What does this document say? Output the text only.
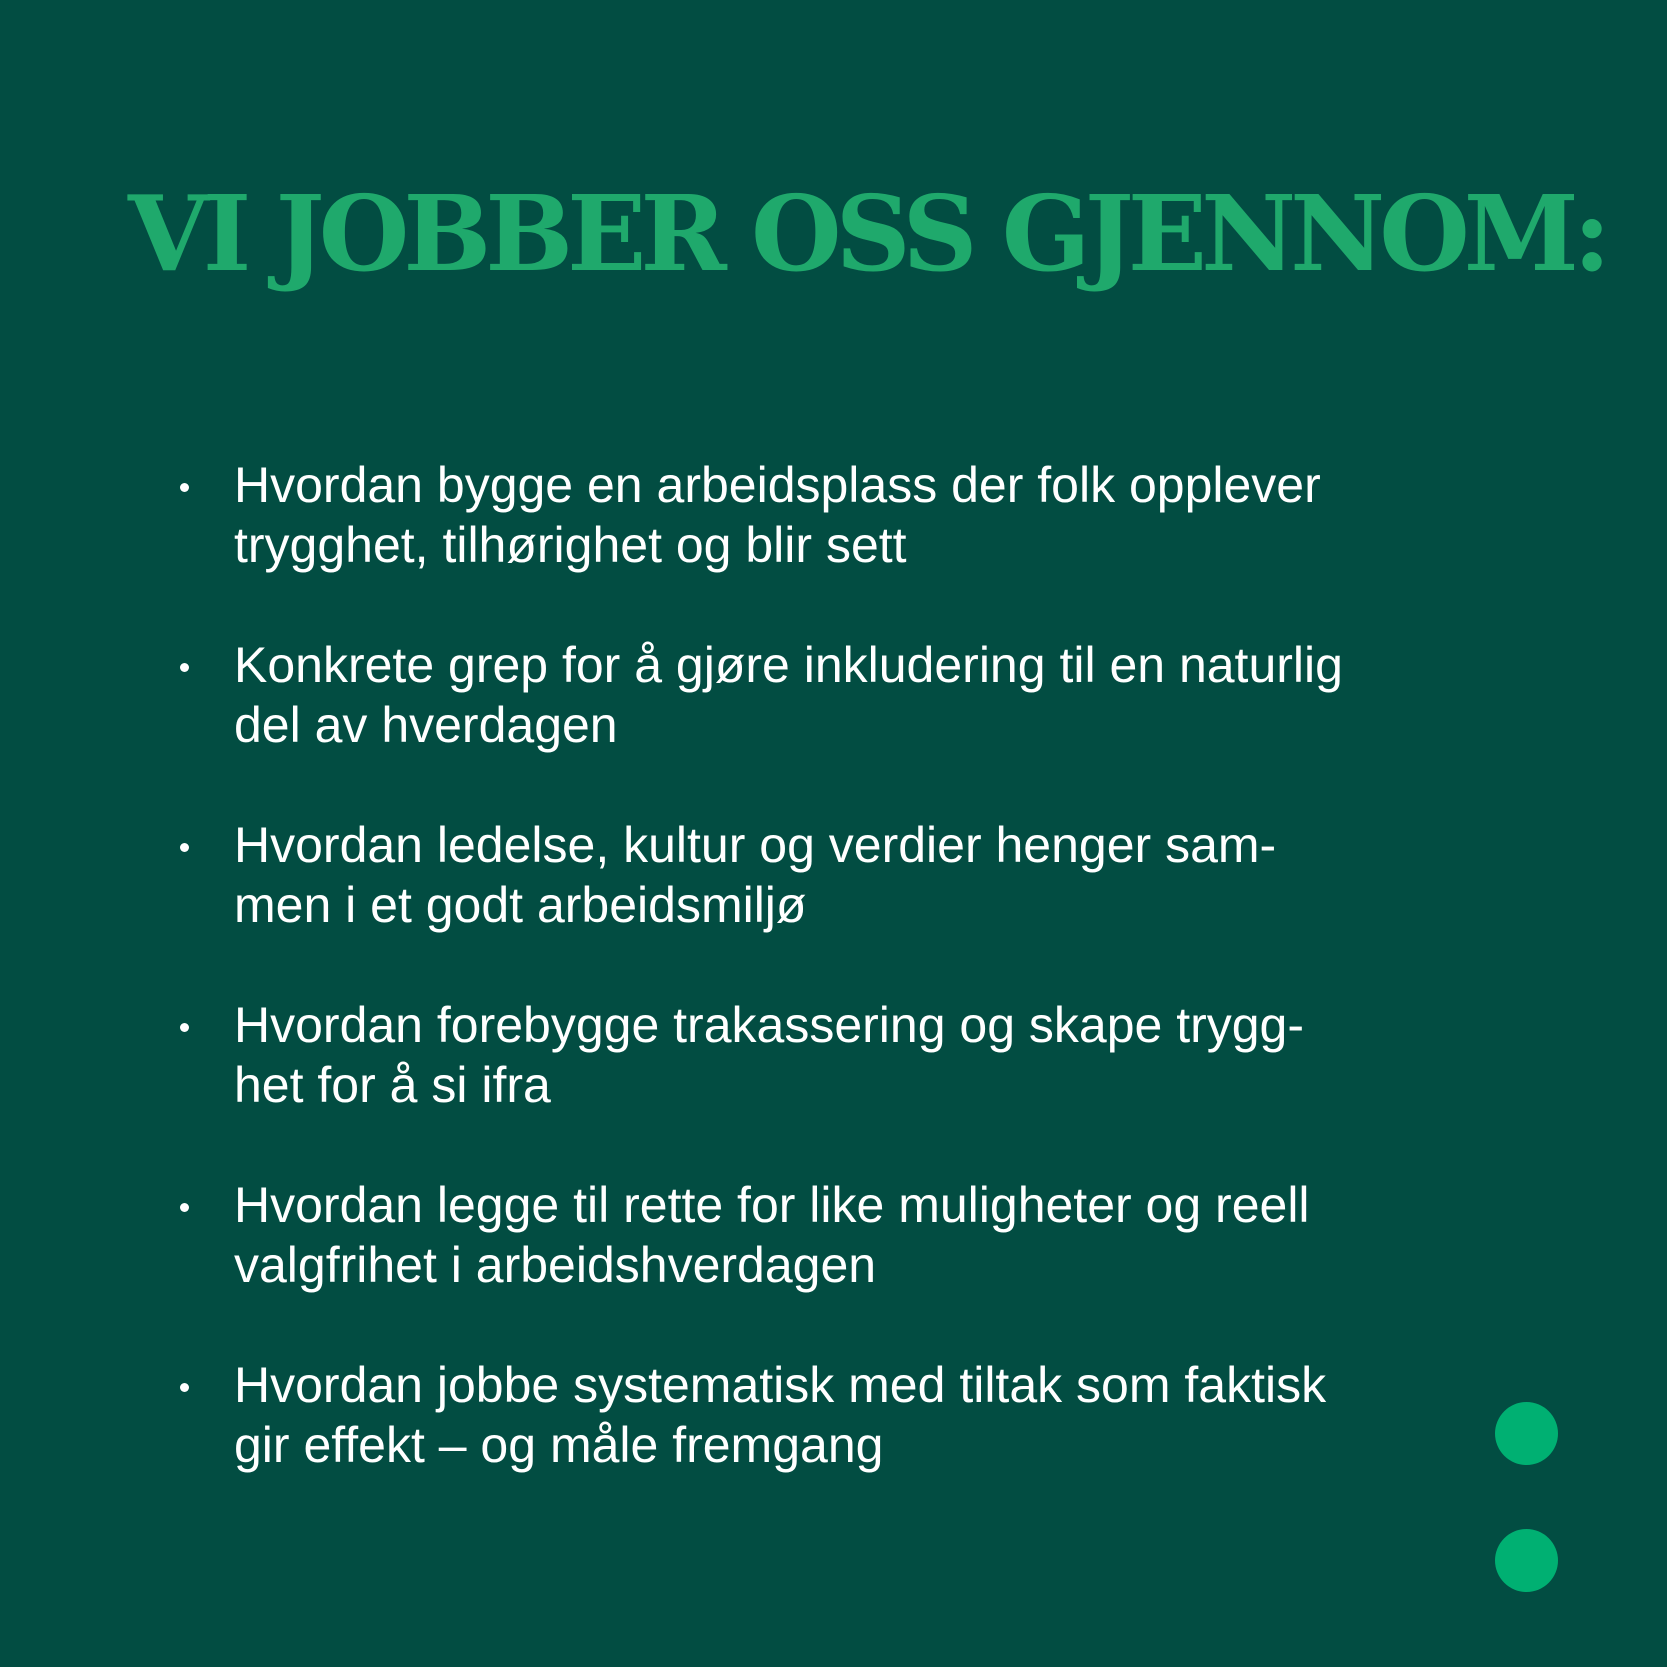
VI JOBBER OSS GJENNOM:
Hvordan bygge en arbeidsplass der folk opplever
trygghet, tilhørighet og blir sett
Konkrete grep for å gjøre inkludering til en naturlig
del av hverdagen
Hvordan ledelse, kultur og verdier henger sam-
men i et godt arbeidsmiljø
Hvordan forebygge trakassering og skape trygg-
het for å si ifra
Hvordan legge til rette for like muligheter og reell
valgfrihet i arbeidshverdagen
Hvordan jobbe systematisk med tiltak som faktisk
gir effekt – og måle fremgang
